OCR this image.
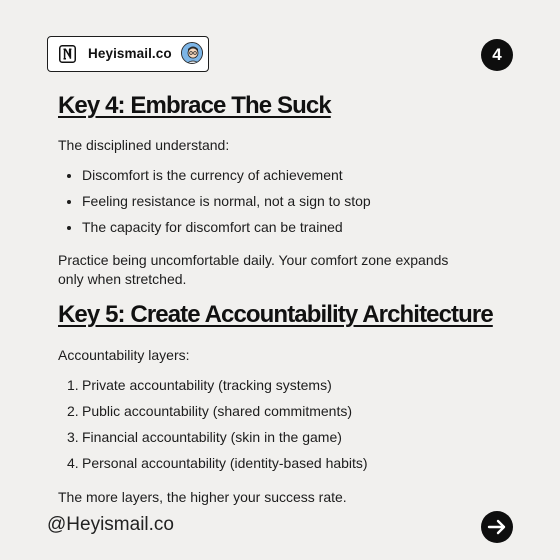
Heyismail.co	4
Key 4: Embrace The Suck

The disciplined understand:

Discomfort is the currency of achievement
Feeling resistance is normal, not a sign to stop
The capacity for discomfort can be trained

Practice being uncomfortable daily. Your comfort zone expands
only when stretched.

Key 5: Create Accountability Architecture

Accountability layers:

1. Private accountability (tracking systems)
2. Public accountability (shared commitments)
3. Financial accountability (skin in the game)
4. Personal accountability (identity-based habits)

The more layers, the higher your success rate.

@Heyismail.co
